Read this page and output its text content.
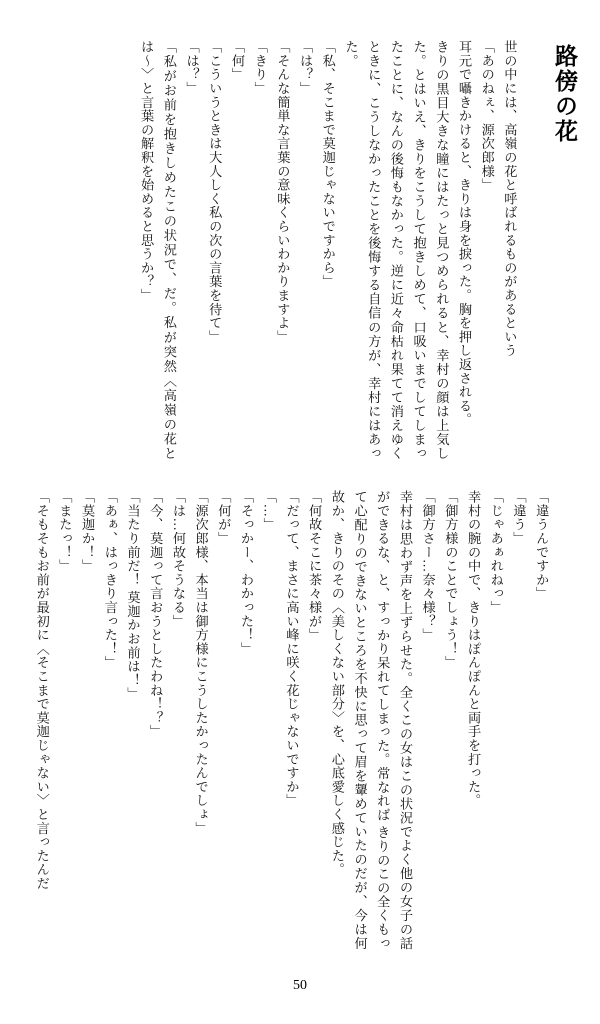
路傍の花
世の中には、高嶺の花と呼ばれるものがあるという
「あのねぇ、源次郎様」
耳元で囁きかけると、きりは身を捩った。胸を押し返される。
きりの黒目大きな瞳にはたっと見つめられると、幸村の顔は上気した。とはいえ、きりをこうして抱きしめて、口吸いまでしてしまったことに、なんの後悔もなかった。逆に近々命枯れ果てて消えゆくときに、こうしなかったことを後悔する自信の方が、幸村にはあった。
「私、そこまで莫迦じゃないですから」
「は？」
「そんな簡単な言葉の意味くらいわかりますよ」
「きり」
「何」
「こういうときは大人しく私の次の言葉を待て」
「は？」
「私がお前を抱きしめたこの状況で、だ。私が突然〈高嶺の花とは〜〉と言葉の解釈を始めると思うか？」
「違うんですか」
「違う」
「じゃあぁれねっ」
幸村の腕の中で、きりはぽんぽんと両手を打った。
「御方様のことでしょう！」
「御方さー…奈々様？」
幸村は思わず声を上ずらせた。全くこの女はこの状況でよく他の女子の話ができるな、と、すっかり呆れてしまった。常なれば きりのこの全くもって心配りのできないところを不快に思って眉を顰めていたのだが、今は何故か、きりのその〈美しくない部分〉を、心底愛しく感じた。
「何故そこに茶々様が」
「だって、まさに高い峰に咲く花じゃないですか」
「…」
「そっかー、わかった！」
「何が」
「源次郎様、本当は御方様にこうしたかったんでしょ」
「は…何故そうなる」
「今、莫迦って言おうとしたわね！？」
「当たり前だ！ 莫迦かお前は！」
「あぁ、はっきり言った！」
「莫迦か！」
「またっ！」
「そもそもお前が最初に〈そこまで莫迦じゃない〉と言ったんだ
50
